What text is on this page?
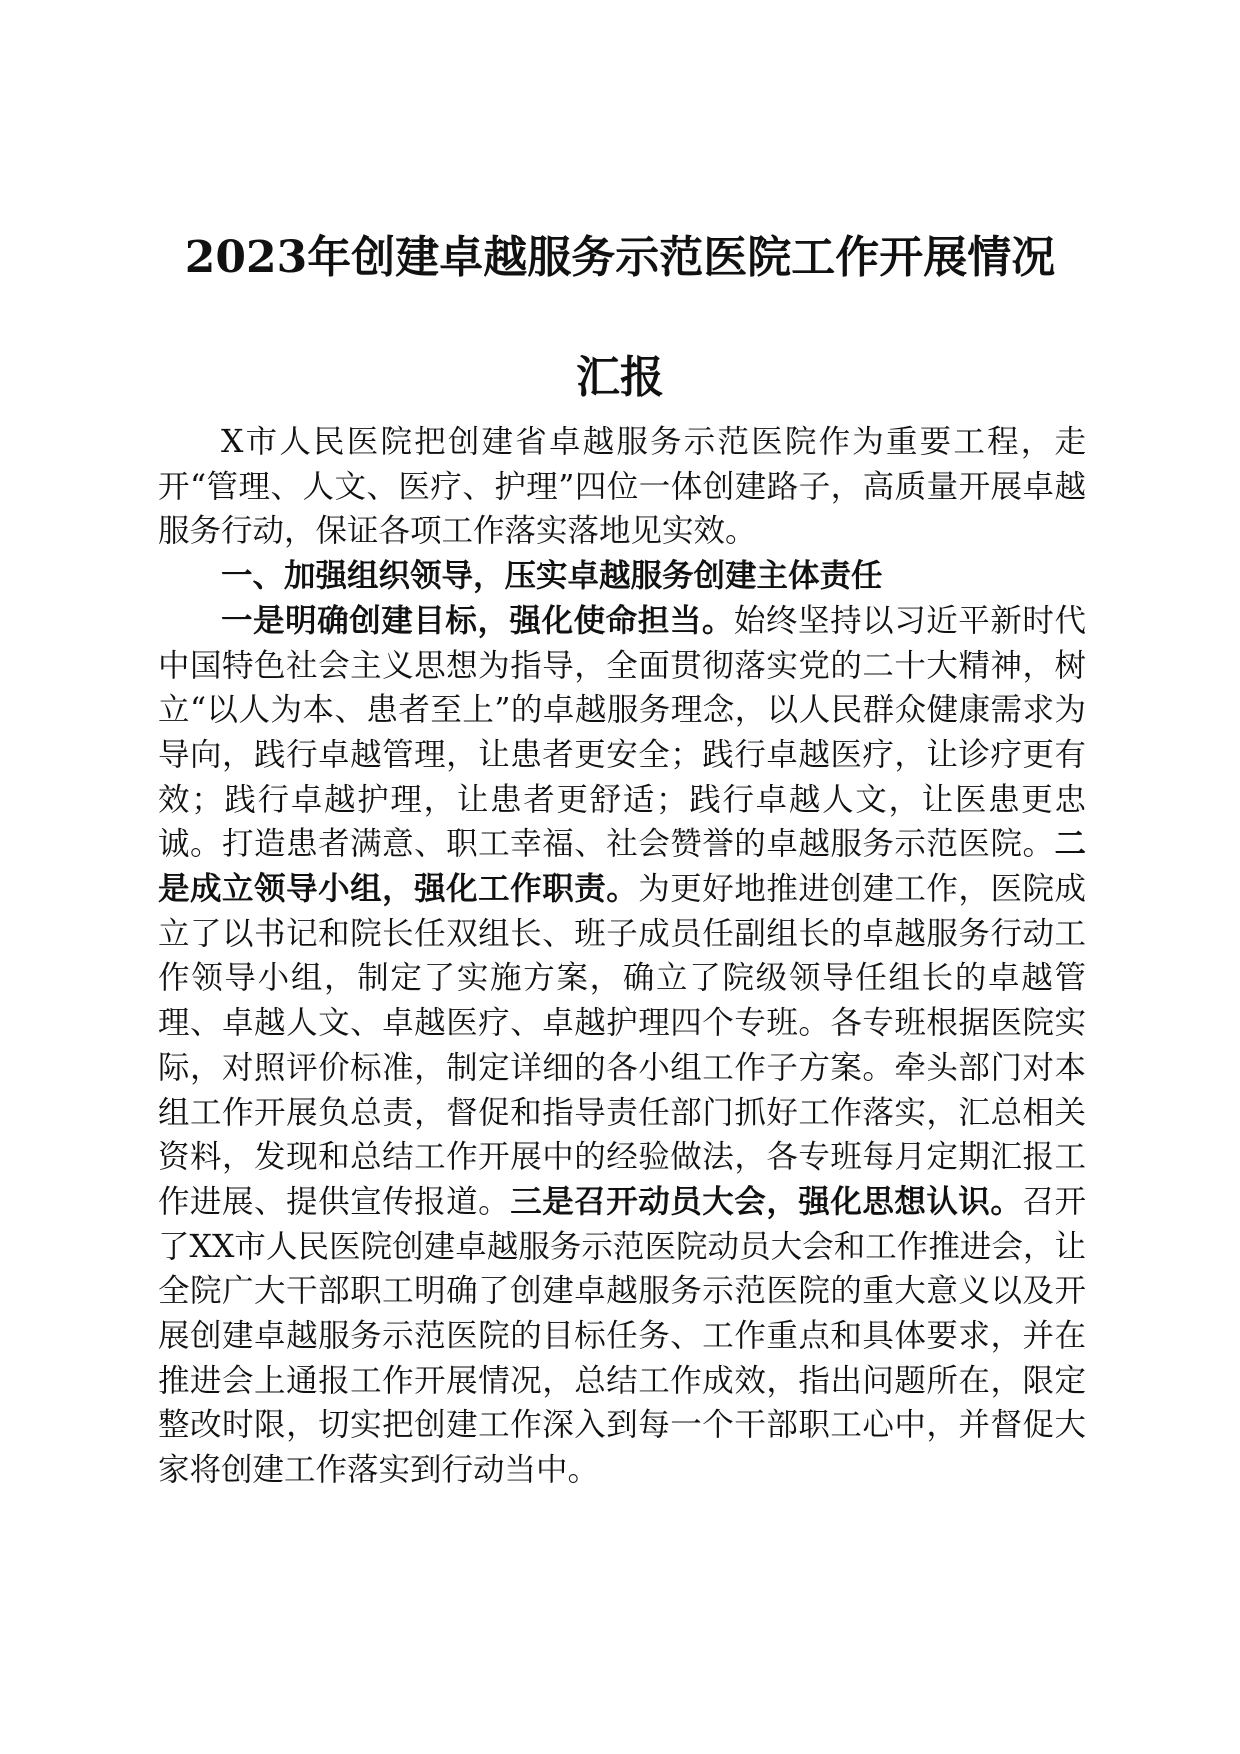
2023年创建卓越服务示范医院工作开展情况
汇报

X市人民医院把创建省卓越服务示范医院作为重要工程，走开“管理、人文、医疗、护理”四位一体创建路子，高质量开展卓越服务行动，保证各项工作落实落地见实效。

一、加强组织领导，压实卓越服务创建主体责任

一是明确创建目标，强化使命担当。始终坚持以习近平新时代中国特色社会主义思想为指导，全面贯彻落实党的二十大精神，树立“以人为本、患者至上”的卓越服务理念，以人民群众健康需求为导向，践行卓越管理，让患者更安全；践行卓越医疗，让诊疗更有效；践行卓越护理，让患者更舒适；践行卓越人文，让医患更忠诚。打造患者满意、职工幸福、社会赞誉的卓越服务示范医院。二是成立领导小组，强化工作职责。为更好地推进创建工作，医院成立了以书记和院长任双组长、班子成员任副组长的卓越服务行动工作领导小组，制定了实施方案，确立了院级领导任组长的卓越管理、卓越人文、卓越医疗、卓越护理四个专班。各专班根据医院实际，对照评价标准，制定详细的各小组工作子方案。牵头部门对本组工作开展负总责，督促和指导责任部门抓好工作落实，汇总相关资料，发现和总结工作开展中的经验做法，各专班每月定期汇报工作进展、提供宣传报道。三是召开动员大会，强化思想认识。召开了XX市人民医院创建卓越服务示范医院动员大会和工作推进会，让全院广大干部职工明确了创建卓越服务示范医院的重大意义以及开展创建卓越服务示范医院的目标任务、工作重点和具体要求，并在推进会上通报工作开展情况，总结工作成效，指出问题所在，限定整改时限，切实把创建工作深入到每一个干部职工心中，并督促大家将创建工作落实到行动当中。
